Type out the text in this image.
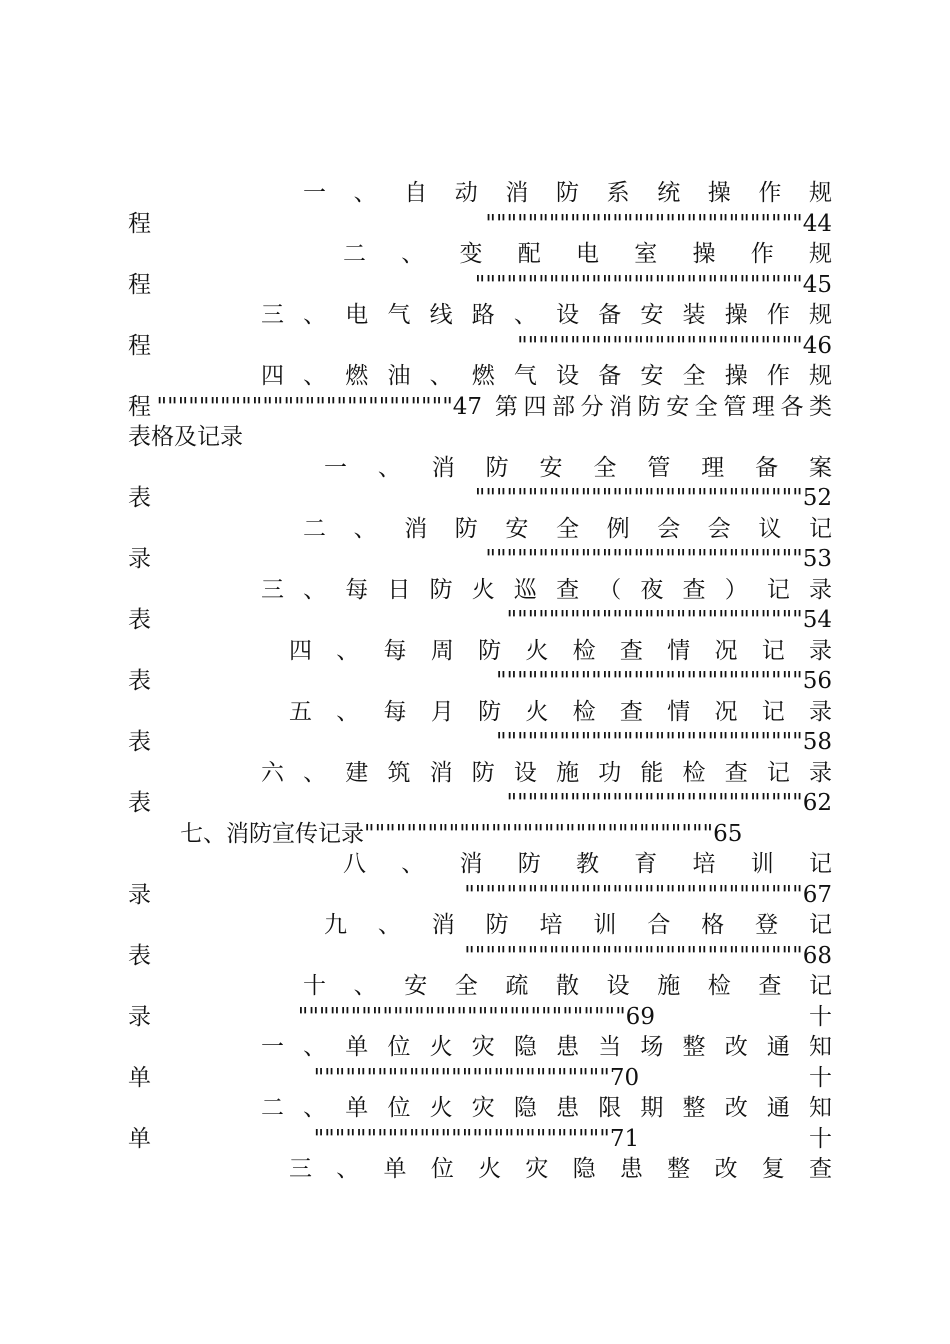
一 、 自 动 消 防 系 统 操 作 规
程""""""""""""""""""""""""""""""44
二 、 变 配 电 室 操 作 规
程"""""""""""""""""""""""""""""""45
三 、 电 气 线 路 、 设 备 安 装 操 作 规
程"""""""""""""""""""""""""""46
四 、 燃 油 、 燃 气 设 备 安 全 操 作 规
程""""""""""""""""""""""""""""47 第四部分消防安全管理各类
表格及记录
一 、 消 防 安 全 管 理 备 案
表"""""""""""""""""""""""""""""""52
二 、 消 防 安 全 例 会 会 议 记
录""""""""""""""""""""""""""""""53
三 、 每 日 防 火 巡 查 （ 夜 查 ） 记 录
表""""""""""""""""""""""""""""54
四 、 每 周 防 火 检 查 情 况 记 录
表"""""""""""""""""""""""""""""56
五 、 每 月 防 火 检 查 情 况 记 录
表"""""""""""""""""""""""""""""58
六 、 建 筑 消 防 设 施 功 能 检 查 记 录
表""""""""""""""""""""""""""""62
七、消防宣传记录"""""""""""""""""""""""""""""""""65
八 、 消 防 教 育 培 训 记
录""""""""""""""""""""""""""""""""67
九 、 消 防 培 训 合 格 登 记
表""""""""""""""""""""""""""""""""68
十 、 安 全 疏 散 设 施 检 查 记
录"""""""""""""""""""""""""""""""69 十
一 、 单 位 火 灾 隐 患 当 场 整 改 通 知
单""""""""""""""""""""""""""""70 十
二 、 单 位 火 灾 隐 患 限 期 整 改 通 知
单""""""""""""""""""""""""""""71 十
三 、 单 位 火 灾 隐 患 整 改 复 查
